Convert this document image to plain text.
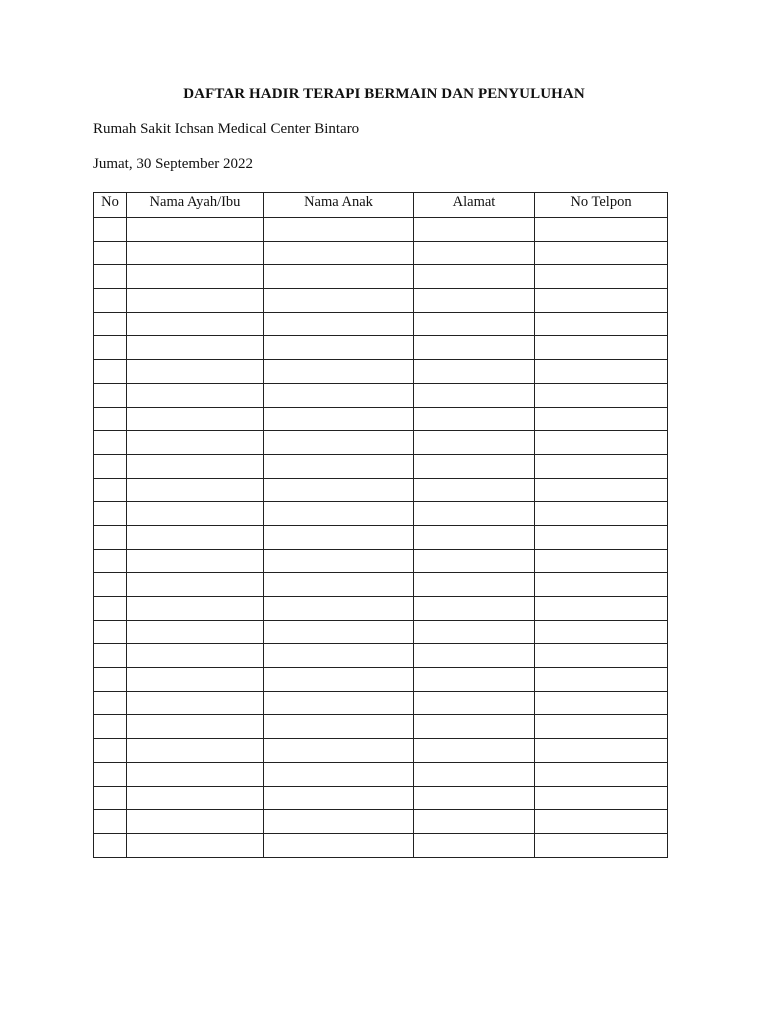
DAFTAR HADIR TERAPI BERMAIN DAN PENYULUHAN
Rumah Sakit Ichsan Medical Center Bintaro
Jumat, 30 September 2022
No	Nama Ayah/Ibu	Nama Anak	Alamat	No Telpon
